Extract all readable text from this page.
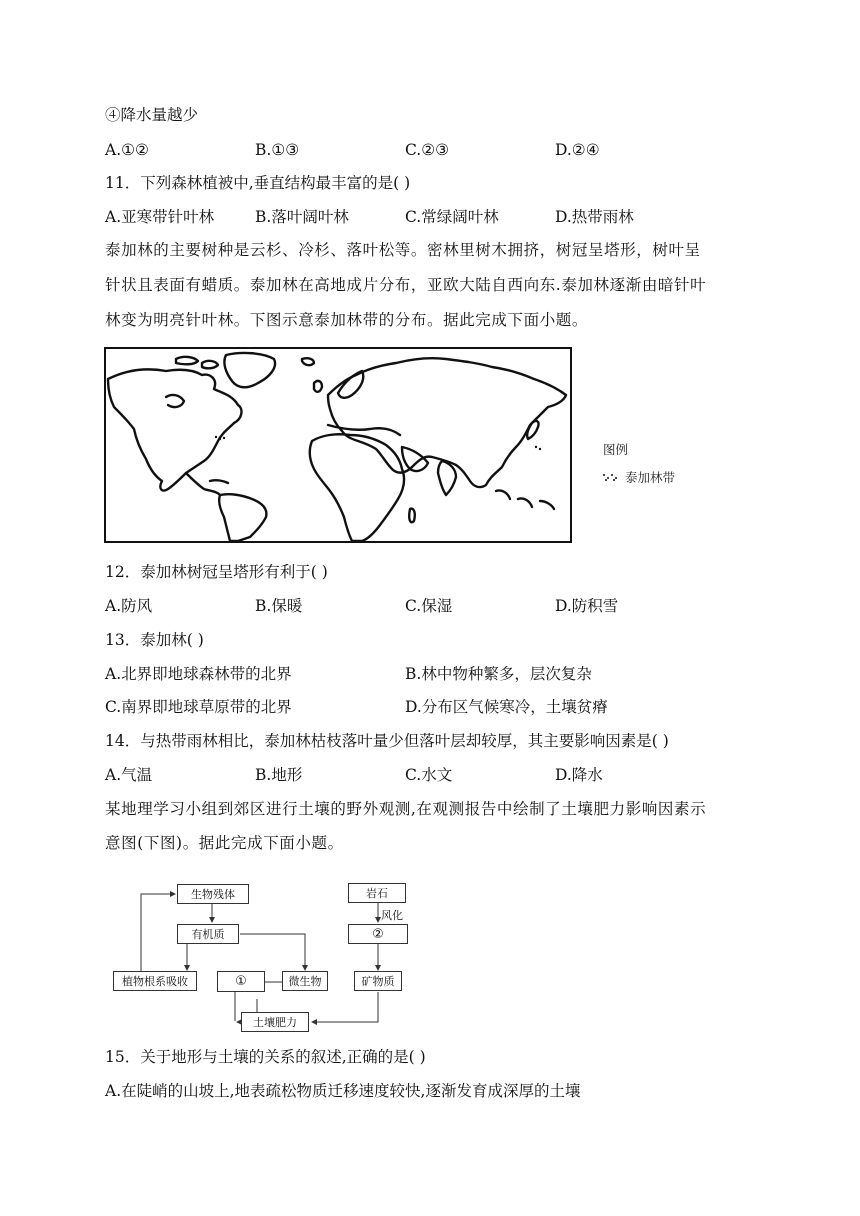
④降水量越少
A.①②	B.①③	C.②③	D.②④
11．下列森林植被中,垂直结构最丰富的是( )
A.亚寒带针叶林	B.落叶阔叶林	C.常绿阔叶林	D.热带雨林
泰加林的主要树种是云杉、冷杉、落叶松等。密林里树木拥挤，树冠呈塔形，树叶呈
针状且表面有蜡质。泰加林在高地成片分布，亚欧大陆自西向东.泰加林逐渐由暗针叶
林变为明亮针叶林。下图示意泰加林带的分布。据此完成下面小题。
图例
泰加林带
12．泰加林树冠呈塔形有利于( )
A.防风	B.保暖	C.保湿	D.防积雪
13．泰加林( )
A.北界即地球森林带的北界	B.林中物种繁多，层次复杂
C.南界即地球草原带的北界	D.分布区气候寒冷，土壤贫瘠
14．与热带雨林相比，泰加林枯枝落叶量少但落叶层却较厚，其主要影响因素是( )
A.气温	B.地形	C.水文	D.降水
某地理学习小组到郊区进行土壤的野外观测,在观测报告中绘制了土壤肥力影响因素示
意图(下图)。据此完成下面小题。
生物残体
有机质
植物根系吸收	①	微生物
岩石
风化
②
矿物质
土壤肥力
15．关于地形与土壤的关系的叙述,正确的是( )
A.在陡峭的山坡上,地表疏松物质迁移速度较快,逐渐发育成深厚的土壤
